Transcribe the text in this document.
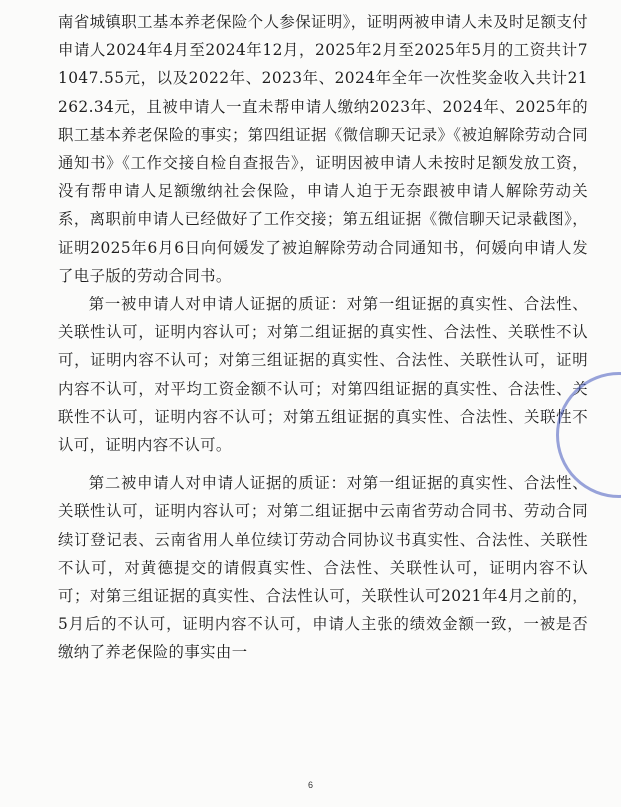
南省城镇职工基本养老保险个人参保证明》，证明两被申请人未及时足额支付申请人2024年4月至2024年12月，2025年2月至2025年5月的工资共计71047.55元，以及2022年、2023年、2024年全年一次性奖金收入共计21262.34元，且被申请人一直未帮申请人缴纳2023年、2024年、2025年的职工基本养老保险的事实；第四组证据《微信聊天记录》《被迫解除劳动合同通知书》《工作交接自检自查报告》，证明因被申请人未按时足额发放工资，没有帮申请人足额缴纳社会保险，申请人迫于无奈跟被申请人解除劳动关系，离职前申请人已经做好了工作交接；第五组证据《微信聊天记录截图》，证明2025年6月6日向何媛发了被迫解除劳动合同通知书，何媛向申请人发了电子版的劳动合同书。

第一被申请人对申请人证据的质证：对第一组证据的真实性、合法性、关联性认可，证明内容认可；对第二组证据的真实性、合法性、关联性不认可，证明内容不认可；对第三组证据的真实性、合法性、关联性认可，证明内容不认可，对平均工资金额不认可；对第四组证据的真实性、合法性、关联性不认可，证明内容不认可；对第五组证据的真实性、合法性、关联性不认可，证明内容不认可。

第二被申请人对申请人证据的质证：对第一组证据的真实性、合法性、关联性认可，证明内容认可；对第二组证据中云南省劳动合同书、劳动合同续订登记表、云南省用人单位续订劳动合同协议书真实性、合法性、关联性不认可，对黄德提交的请假真实性、合法性、关联性认可，证明内容不认可；对第三组证据的真实性、合法性认可，关联性认可2021年4月之前的，5月后的不认可，证明内容不认可，申请人主张的绩效金额一致，一被是否缴纳了养老保险的事实由一

6
